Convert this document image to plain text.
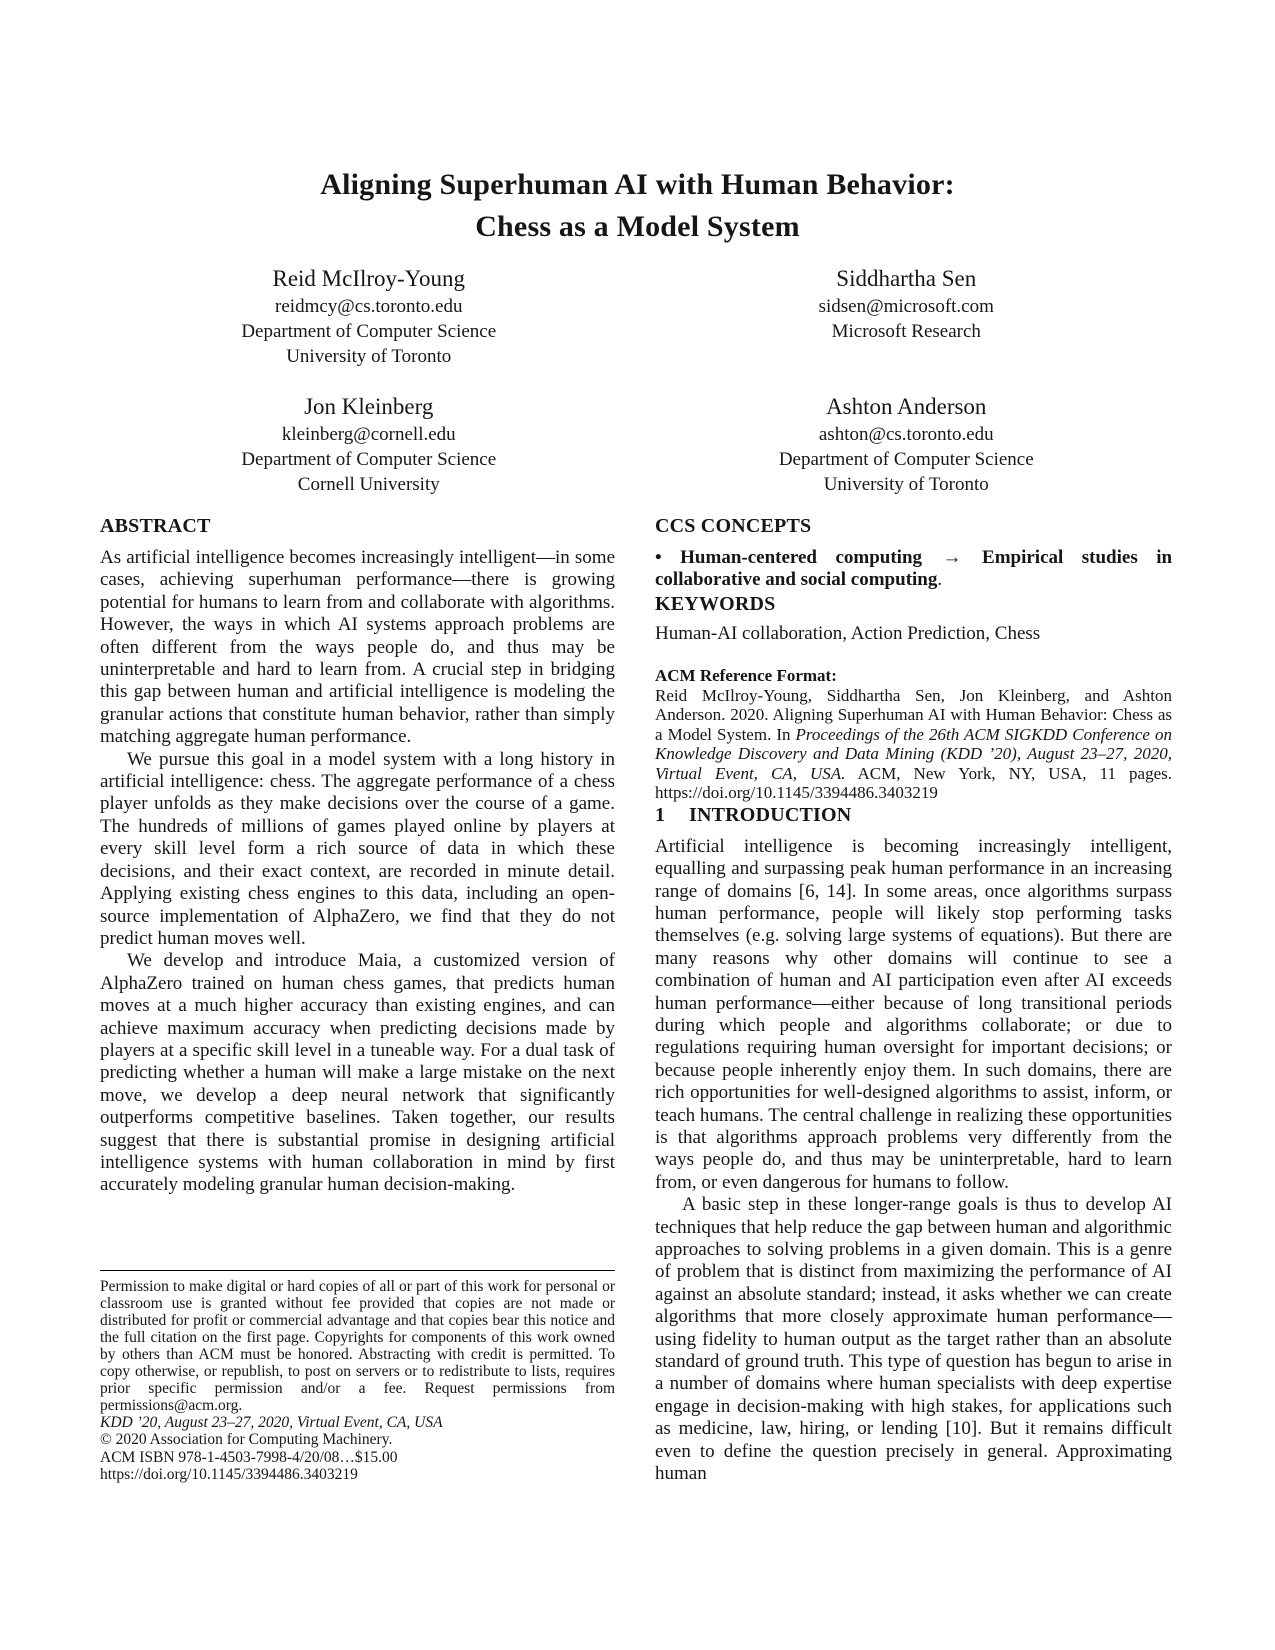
Aligning Superhuman AI with Human Behavior:
Chess as a Model System
Reid McIlroy-Young
reidmcy@cs.toronto.edu
Department of Computer Science
University of Toronto
Siddhartha Sen
sidsen@microsoft.com
Microsoft Research
Jon Kleinberg
kleinberg@cornell.edu
Department of Computer Science
Cornell University
Ashton Anderson
ashton@cs.toronto.edu
Department of Computer Science
University of Toronto
ABSTRACT

As artificial intelligence becomes increasingly intelligent—in some cases, achieving superhuman performance—there is growing potential for humans to learn from and collaborate with algorithms. However, the ways in which AI systems approach problems are often different from the ways people do, and thus may be uninterpretable and hard to learn from. A crucial step in bridging this gap between human and artificial intelligence is modeling the granular actions that constitute human behavior, rather than simply matching aggregate human performance.

We pursue this goal in a model system with a long history in artificial intelligence: chess. The aggregate performance of a chess player unfolds as they make decisions over the course of a game. The hundreds of millions of games played online by players at every skill level form a rich source of data in which these decisions, and their exact context, are recorded in minute detail. Applying existing chess engines to this data, including an open-source implementation of AlphaZero, we find that they do not predict human moves well.

We develop and introduce Maia, a customized version of AlphaZero trained on human chess games, that predicts human moves at a much higher accuracy than existing engines, and can achieve maximum accuracy when predicting decisions made by players at a specific skill level in a tuneable way. For a dual task of predicting whether a human will make a large mistake on the next move, we develop a deep neural network that significantly outperforms competitive baselines. Taken together, our results suggest that there is substantial promise in designing artificial intelligence systems with human collaboration in mind by first accurately modeling granular human decision-making.

Permission to make digital or hard copies of all or part of this work for personal or classroom use is granted without fee provided that copies are not made or distributed for profit or commercial advantage and that copies bear this notice and the full citation on the first page. Copyrights for components of this work owned by others than ACM must be honored. Abstracting with credit is permitted. To copy otherwise, or republish, to post on servers or to redistribute to lists, requires prior specific permission and/or a fee. Request permissions from permissions@acm.org.

KDD ’20, August 23–27, 2020, Virtual Event, CA, USA

© 2020 Association for Computing Machinery.

ACM ISBN 978-1-4503-7998-4/20/08…$15.00

https://doi.org/10.1145/3394486.3403219

CCS CONCEPTS

• Human-centered computing → Empirical studies in collaborative and social computing.

KEYWORDS

Human-AI collaboration, Action Prediction, Chess

ACM Reference Format:

Reid McIlroy-Young, Siddhartha Sen, Jon Kleinberg, and Ashton Anderson. 2020. Aligning Superhuman AI with Human Behavior: Chess as a Model System. In Proceedings of the 26th ACM SIGKDD Conference on Knowledge Discovery and Data Mining (KDD ’20), August 23–27, 2020, Virtual Event, CA, USA. ACM, New York, NY, USA, 11 pages. https://doi.org/10.1145/3394486.3403219

1 INTRODUCTION

Artificial intelligence is becoming increasingly intelligent, equalling and surpassing peak human performance in an increasing range of domains [6, 14]. In some areas, once algorithms surpass human performance, people will likely stop performing tasks themselves (e.g. solving large systems of equations). But there are many reasons why other domains will continue to see a combination of human and AI participation even after AI exceeds human performance—either because of long transitional periods during which people and algorithms collaborate; or due to regulations requiring human oversight for important decisions; or because people inherently enjoy them. In such domains, there are rich opportunities for well-designed algorithms to assist, inform, or teach humans. The central challenge in realizing these opportunities is that algorithms approach problems very differently from the ways people do, and thus may be uninterpretable, hard to learn from, or even dangerous for humans to follow.

A basic step in these longer-range goals is thus to develop AI techniques that help reduce the gap between human and algorithmic approaches to solving problems in a given domain. This is a genre of problem that is distinct from maximizing the performance of AI against an absolute standard; instead, it asks whether we can create algorithms that more closely approximate human performance—using fidelity to human output as the target rather than an absolute standard of ground truth. This type of question has begun to arise in a number of domains where human specialists with deep expertise engage in decision-making with high stakes, for applications such as medicine, law, hiring, or lending [10]. But it remains difficult even to define the question precisely in general. Approximating human
